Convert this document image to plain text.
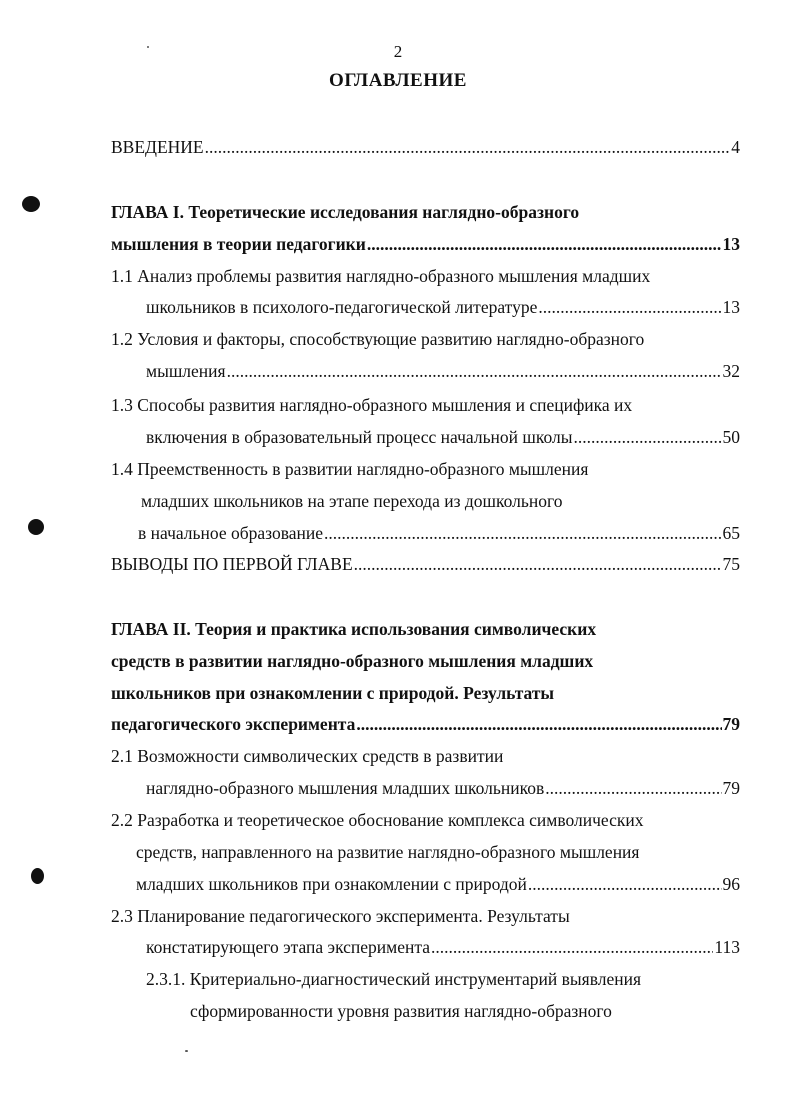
2
ОГЛАВЛЕНИЕ
ВВЕДЕНИЕ .....	4
ГЛАВА I. Теоретические исследования наглядно-образного
мышления в теории педагогики .....	13
1.1 Анализ проблемы развития наглядно-образного мышления младших
школьников в психолого-педагогической литературе .....	13
1.2 Условия и факторы, способствующие развитию наглядно-образного
мышления .....	32
1.3 Способы развития наглядно-образного мышления и специфика их
включения в образовательный процесс начальной школы .....	50
1.4 Преемственность в развитии наглядно-образного мышления
младших школьников на этапе перехода из дошкольного
в начальное образование .....	65
ВЫВОДЫ ПО ПЕРВОЙ ГЛАВЕ .....	75
ГЛАВА II. Теория и практика использования символических
средств в развитии наглядно-образного мышления младших
школьников при ознакомлении с природой. Результаты
педагогического эксперимента .....	79
2.1 Возможности символических средств в развитии
наглядно-образного мышления младших школьников .....	79
2.2 Разработка и теоретическое обоснование комплекса символических
средств, направленного на развитие наглядно-образного мышления
младших школьников при ознакомлении с природой .....	96
2.3 Планирование педагогического эксперимента. Результаты
констатирующего этапа эксперимента .....	113
2.3.1. Критериально-диагностический инструментарий выявления
сформированности уровня развития наглядно-образного
